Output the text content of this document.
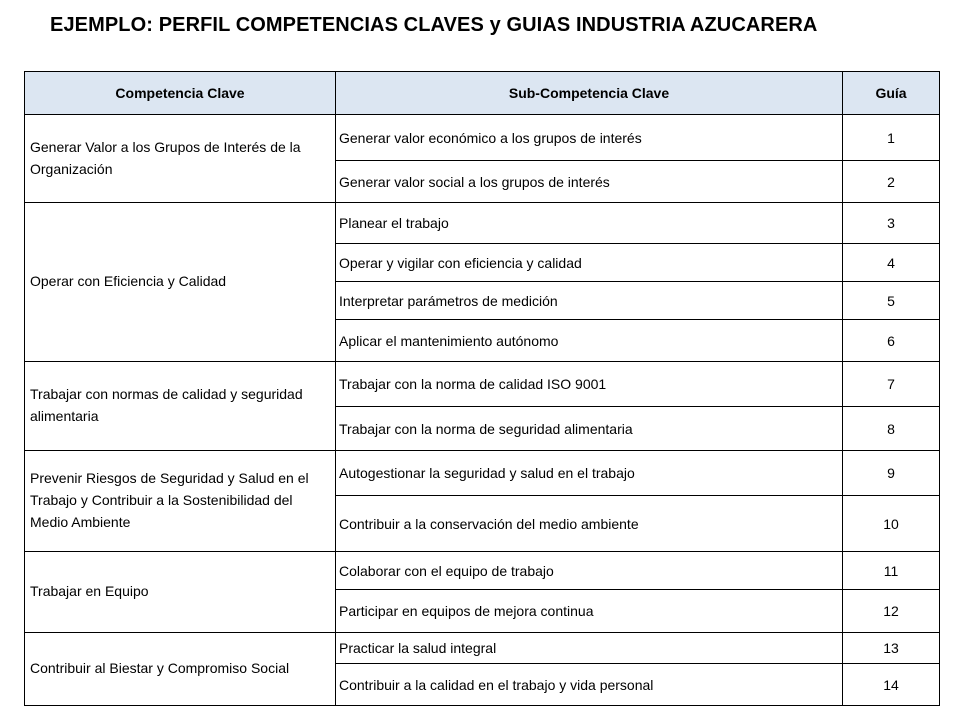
EJEMPLO: PERFIL COMPETENCIAS CLAVES y GUIAS INDUSTRIA AZUCARERA
Competencia Clave	Sub-Competencia Clave	Guía
Generar Valor a los Grupos de Interés de la Organización	Generar valor económico a los grupos de interés	1
	Generar valor social a los grupos de interés	2
Operar con Eficiencia y Calidad	Planear el trabajo	3
	Operar y vigilar con eficiencia y calidad	4
	Interpretar parámetros de medición	5
	Aplicar el mantenimiento autónomo	6
Trabajar con normas de calidad y seguridad alimentaria	Trabajar con la norma de calidad ISO 9001	7
	Trabajar con la norma de seguridad alimentaria	8
Prevenir Riesgos de Seguridad y Salud en el Trabajo y Contribuir a la Sostenibilidad del Medio Ambiente	Autogestionar la seguridad y salud en el trabajo	9
	Contribuir a la conservación del medio ambiente	10
Trabajar en Equipo	Colaborar con el equipo de trabajo	11
	Participar en equipos de mejora continua	12
Contribuir al Biestar y Compromiso Social	Practicar la salud integral	13
	Contribuir a la calidad en el trabajo y vida personal	14
